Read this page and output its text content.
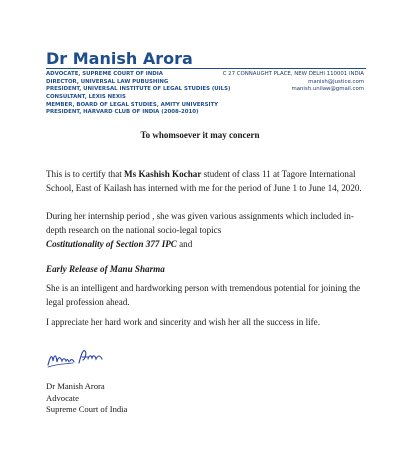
Dr Manish Arora
ADVOCATE, SUPREME COURT OF INDIA
DIRECTOR, UNIVERSAL LAW PUBUSHING
PRESIDENT, UNIVERSAL INSTITUTE OF LEGAL STUDIES (UILS)
CONSULTANT, LEXIS NEXIS
MEMBER, BOARD OF LEGAL STUDIES, AMITY UNIVERSITY
PRESIDENT, HARVARD CLUB OF INDIA (2008-2010)
C 27 CONNAUGHT PLACE, NEW DELHI 110001 INDIA
manish@justice.com
manish.unilaw@gmail.com
To whomsoever it may concern
This is to certify that Ms Kashish Kochar student of class 11 at Tagore International School, East of Kailash has interned with me for the period of June 1 to June 14, 2020.
During her internship period , she was given various assignments which included in-depth research on the national socio-legal topics
Costitutionality of Section 377 IPC and
Early Release of Manu Sharma
She is an intelligent and hardworking person with tremendous potential for joining the legal profession ahead.
I appreciate her hard work and sincerity and wish her all the success in life.
Dr Manish Arora
Advocate
Supreme Court of India
